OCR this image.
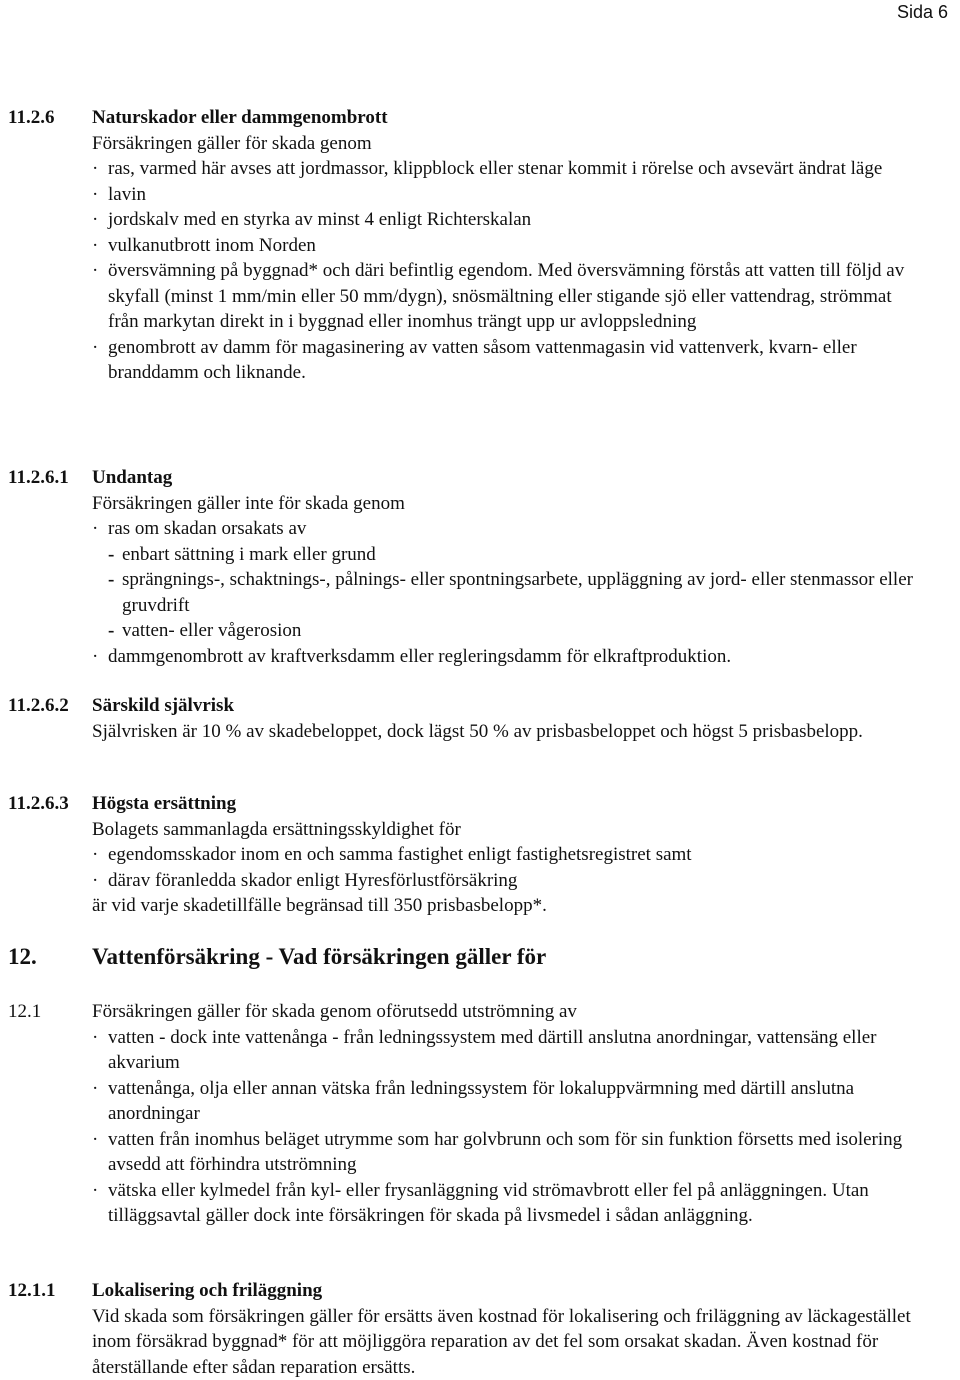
Sida 6
11.2.6 Naturskador eller dammgenombrott
Försäkringen gäller för skada genom
· ras, varmed här avses att jordmassor, klippblock eller stenar kommit i rörelse och avsevärt ändrat läge
· lavin
· jordskalv med en styrka av minst 4 enligt Richterskalan
· vulkanutbrott inom Norden
· översvämning på byggnad* och däri befintlig egendom. Med översvämning förstås att vatten till följd av skyfall (minst 1 mm/min eller 50 mm/dygn), snösmältning eller stigande sjö eller vattendrag, strömmat från markytan direkt in i byggnad eller inomhus trängt upp ur avloppsledning
· genombrott av damm för magasinering av vatten såsom vattenmagasin vid vattenverk, kvarn- eller branddamm och liknande.
11.2.6.1 Undantag
Försäkringen gäller inte för skada genom
· ras om skadan orsakats av
- enbart sättning i mark eller grund
- sprängnings-, schaktnings-, pålnings- eller spontningsarbete, uppläggning av jord- eller stenmassor eller gruvdrift
- vatten- eller vågerosion
· dammgenombrott av kraftverksdamm eller regleringsdamm för elkraftproduktion.
11.2.6.2 Särskild självrisk
Självrisken är 10 % av skadebeloppet, dock lägst 50 % av prisbasbeloppet och högst 5 prisbasbelopp.
11.2.6.3 Högsta ersättning
Bolagets sammanlagda ersättningsskyldighet för
· egendomsskador inom en och samma fastighet enligt fastighetsregistret samt
· därav föranledda skador enligt Hyresförlustförsäkring
är vid varje skadetillfälle begränsad till 350 prisbasbelopp*.
12. Vattenförsäkring - Vad försäkringen gäller för
12.1	Försäkringen gäller för skada genom oförutsedd utströmning av
· vatten - dock inte vattenånga - från ledningssystem med därtill anslutna anordningar, vattensäng eller akvarium
· vattenånga, olja eller annan vätska från ledningssystem för lokaluppvärmning med därtill anslutna anordningar
· vatten från inomhus beläget utrymme som har golvbrunn och som för sin funktion försetts med isolering avsedd att förhindra utströmning
· vätska eller kylmedel från kyl- eller frysanläggning vid strömavbrott eller fel på anläggningen. Utan tilläggsavtal gäller dock inte försäkringen för skada på livsmedel i sådan anläggning.
12.1.1 Lokalisering och friläggning
Vid skada som försäkringen gäller för ersätts även kostnad för lokalisering och friläggning av läckagestället inom försäkrad byggnad* för att möjliggöra reparation av det fel som orsakat skadan. Även kostnad för återställande efter sådan reparation ersätts.
